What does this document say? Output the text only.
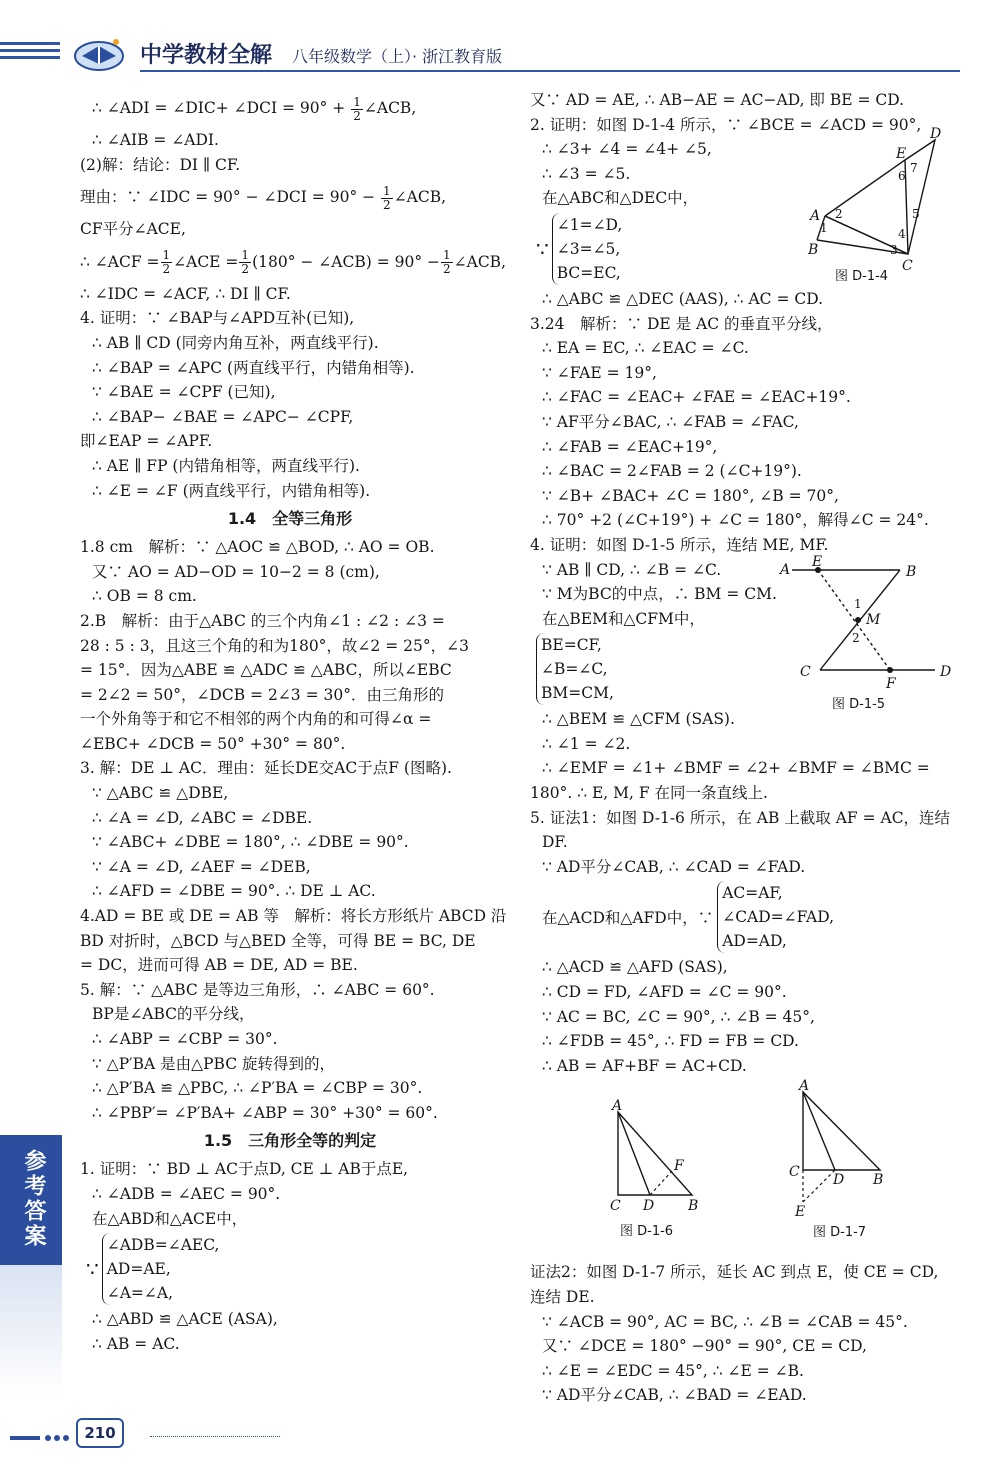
中学教材全解 八年级数学（上）· 浙江教育版
∴ ∠ADI = ∠DIC+ ∠DCI = $90^\circ + \frac{1}{2}$ ∠ACB,
∴ ∠AIB = ∠ADI.
(2)解：结论：DI ∥ CF.
理由：∵ ∠IDC = 90° − ∠DCI = $90^\circ - \frac{1}{2}$ ∠ACB,
CF平分∠ACE,
∴ ∠ACF = $\frac{1}{2}$ ∠ACE = $\frac{1}{2} (180^\circ$ − ∠ACB) = $90^\circ - \frac{1}{2}$ ∠ACB,
∴ ∠IDC = ∠ACF, ∴ DI ∥ CF.
4. 证明：∵ ∠BAP与∠APD互补(已知),
∴ AB ∥ CD (同旁内角互补，两直线平行).
∴ ∠BAP = ∠APC (两直线平行，内错角相等).
∵ ∠BAE = ∠CPF (已知),
∴ ∠BAP− ∠BAE = ∠APC− ∠CPF,
即∠EAP = ∠APF.
∴ AE ∥ FP (内错角相等，两直线平行).
∴ ∠E = ∠F (两直线平行，内错角相等).
1.4　全等三角形
1.8 cm　解析：∵ △AOC ≌ △BOD, ∴ AO = OB.
又∵ AO = AD−OD = 10−2 = 8 (cm),
∴ OB = 8 cm.
2.B　解析：由于△ABC 的三个内角∠1 : ∠2 : ∠3 =
28 : 5 : 3，且这三个角的和为180°，故∠2 = 25°，∠3
= 15°．因为△ABE ≌ △ADC ≌ △ABC，所以∠EBC
= 2∠2 = 50°，∠DCB = 2∠3 = 30°．由三角形的
一个外角等于和它不相邻的两个内角的和可得∠α =
∠EBC+ ∠DCB = 50° +30° = 80°.
3. 解：DE ⊥ AC．理由：延长DE交AC于点F (图略).
∵ △ABC ≌ △DBE,
∴ ∠A = ∠D, ∠ABC = ∠DBE.
∵ ∠ABC+ ∠DBE = 180°, ∴ ∠DBE = 90°.
∵ ∠A = ∠D, ∠AEF = ∠DEB,
∴ ∠AFD = ∠DBE = 90°. ∴ DE ⊥ AC.
4.AD = BE 或 DE = AB 等　解析：将长方形纸片 ABCD 沿
BD 对折时，△BCD 与△BED 全等，可得 BE = BC, DE
= DC，进而可得 AB = DE, AD = BE.
5. 解：∵ △ABC 是等边三角形，∴ ∠ABC = 60°.
BP是∠ABC的平分线，
∴ ∠ABP = ∠CBP = 30°.
∵ △P′BA 是由△PBC 旋转得到的，
∴ △P′BA ≌ △PBC, ∴ ∠P′BA = ∠CBP = 30°.
∴ ∠PBP′= ∠P′BA+ ∠ABP = 30° +30° = 60°.
1.5　三角形全等的判定
1. 证明：∵ BD ⊥ AC于点D, CE ⊥ AB于点E,
∴ ∠ADB = ∠AEC = 90°.
在△ABD和△ACE中，
∵
∠ADB=∠AEC,
AD=AE,
∠A=∠A,
∴ △ABD ≌ △ACE (ASA),
∴ AB = AC.
又∵ AD = AE, ∴ AB−AE = AC−AD, 即 BE = CD.
2. 证明：如图 D-1-4 所示，∵ ∠BCE = ∠ACD = 90°,
∴ ∠3+ ∠4 = ∠4+ ∠5,
∴ ∠3 = ∠5.
在△ABC和△DEC中，
∵
∠1=∠D,
∠3=∠5,
BC=EC,
∴ △ABC ≌ △DEC (AAS), ∴ AC = CD.
3.24　解析：∵ DE 是 AC 的垂直平分线，
∴ EA = EC, ∴ ∠EAC = ∠C.
∵ ∠FAE = 19°,
∴ ∠FAC = ∠EAC+ ∠FAE = ∠EAC+19°.
∵ AF平分∠BAC, ∴ ∠FAB = ∠FAC,
∴ ∠FAB = ∠EAC+19°,
∴ ∠BAC = 2∠FAB = 2 (∠C+19°).
∵ ∠B+ ∠BAC+ ∠C = 180°, ∠B = 70°,
∴ 70° +2 (∠C+19°) + ∠C = 180°，解得∠C = 24°.
4. 证明：如图 D-1-5 所示，连结 ME, MF.
∵ AB ∥ CD, ∴ ∠B = ∠C.
∵ M为BC的中点，∴ BM = CM.
在△BEM和△CFM中，
BE=CF,
∠B=∠C,
BM=CM,
∴ △BEM ≌ △CFM (SAS).
∴ ∠1 = ∠2.
∴ ∠EMF = ∠1+ ∠BMF = ∠2+ ∠BMF = ∠BMC =
180°. ∴ E, M, F 在同一条直线上.
5. 证法1：如图 D-1-6 所示，在 AB 上截取 AF = AC，连结
DF.
∵ AD平分∠CAB, ∴ ∠CAD = ∠FAD.
在△ACD和△AFD中，∵
AC=AF,
∠CAD=∠FAD,
AD=AD,
∴ △ACD ≌ △AFD (SAS),
∴ CD = FD, ∠AFD = ∠C = 90°.
∵ AC = BC, ∠C = 90°, ∴ ∠B = 45°,
∴ ∠FDB = 45°, ∴ FD = FB = CD.
∴ AB = AF+BF = AC+CD.
证法2：如图 D-1-7 所示，延长 AC 到点 E，使 CE = CD,
连结 DE.
∵ ∠ACB = 90°, AC = BC, ∴ ∠B = ∠CAB = 45°.
又∵ ∠DCE = 180° −90° = 90°, CE = CD,
∴ ∠E = ∠EDC = 45°, ∴ ∠E = ∠B.
∵ AD平分∠CAB, ∴ ∠BAD = ∠EAD.
A
B
C
D
E
1
2
3
4
5
6
7
图 D-1-4
A	B
C	D
E
F
M
1
2
图 D-1-5
A
C D B
F
图 D-1-6
A
C D B
E
图 D-1-7
参考答案
210
